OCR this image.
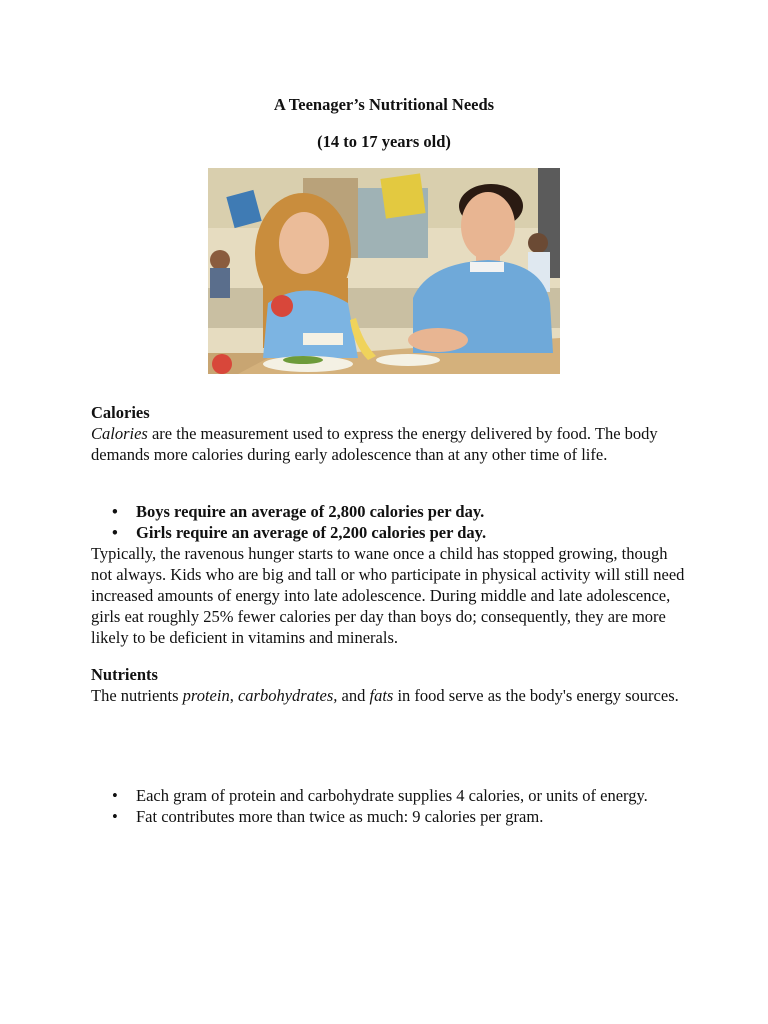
A Teenager’s Nutritional Needs
(14 to 17 years old)

Calories

Calories are the measurement used to express the energy delivered by food. The body demands more calories during early adolescence than at any other time of life.

• Boys require an average of 2,800 calories per day.
• Girls require an average of 2,200 calories per day.

Typically, the ravenous hunger starts to wane once a child has stopped growing, though not always. Kids who are big and tall or who participate in physical activity will still need increased amounts of energy into late adolescence. During middle and late adolescence, girls eat roughly 25% fewer calories per day than boys do; consequently, they are more likely to be deficient in vitamins and minerals.

Nutrients

The nutrients protein, carbohydrates, and fats in food serve as the body's energy sources.

• Each gram of protein and carbohydrate supplies 4 calories, or units of energy.
• Fat contributes more than twice as much: 9 calories per gram.
